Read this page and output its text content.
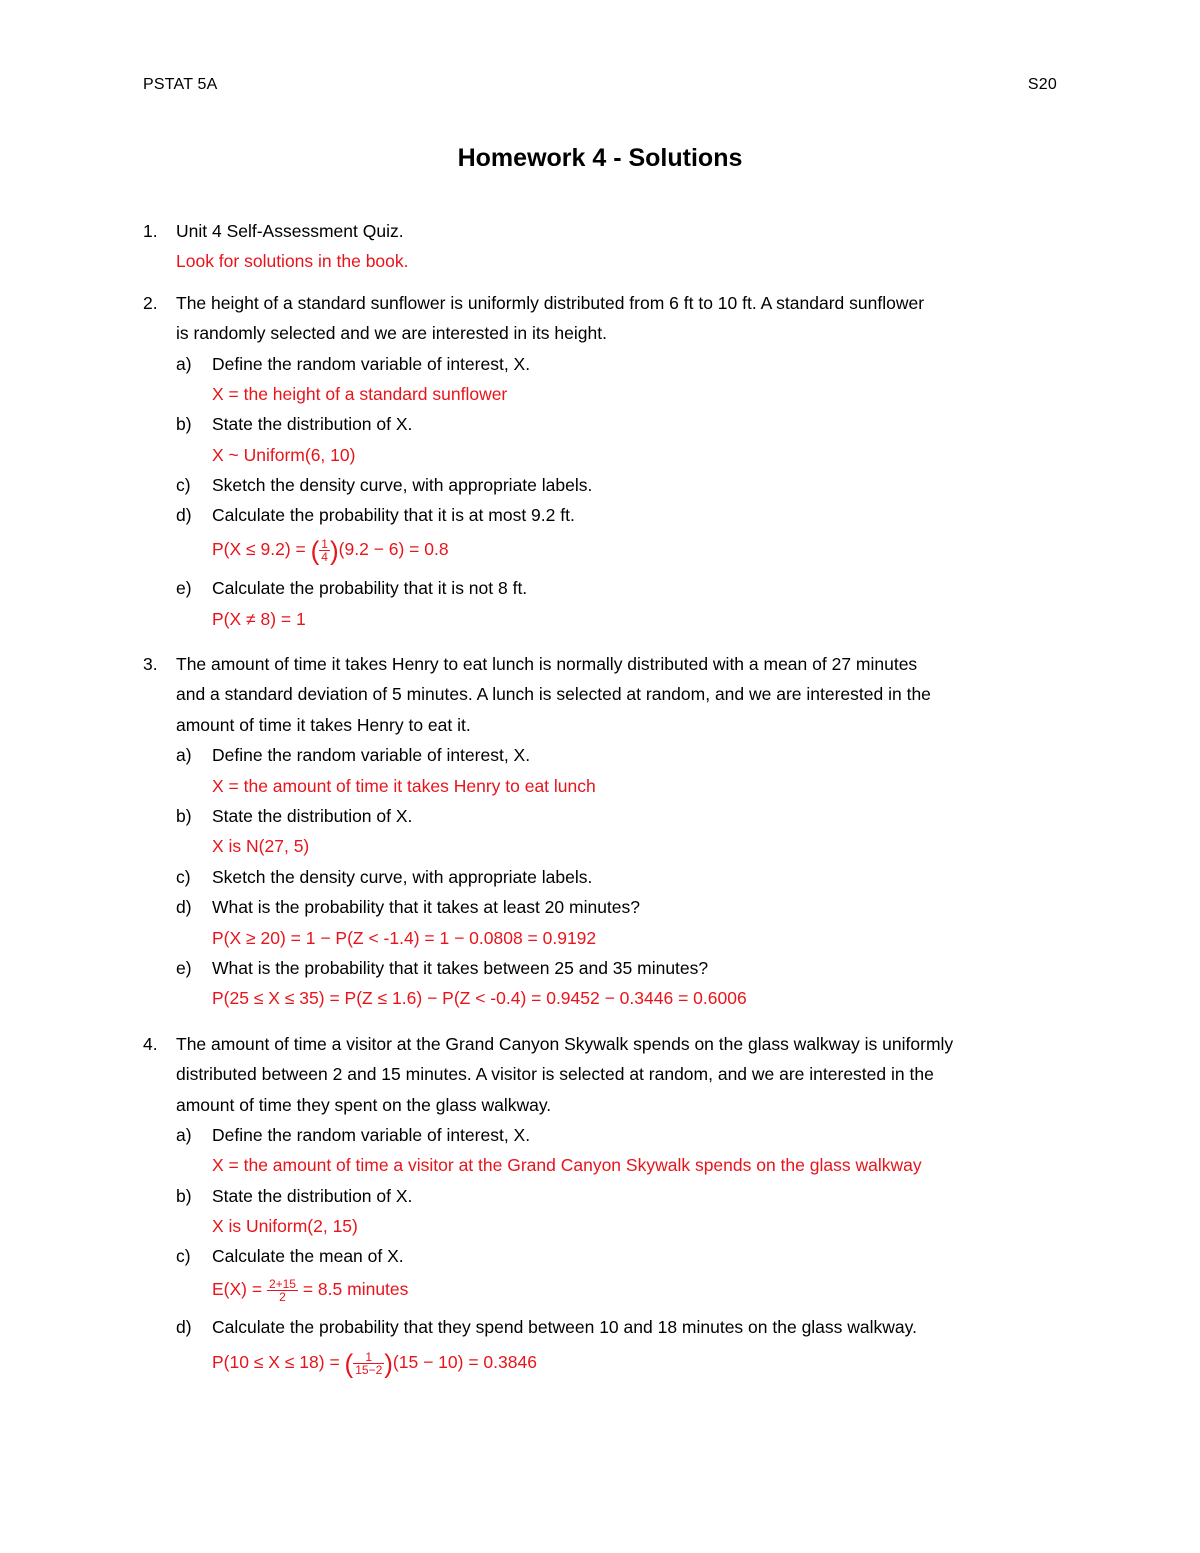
PSTAT 5A	S20
Homework 4 - Solutions
1. Unit 4 Self-Assessment Quiz.
Look for solutions in the book.
2. The height of a standard sunflower is uniformly distributed from 6 ft to 10 ft. A standard sunflower
is randomly selected and we are interested in its height.
a) Define the random variable of interest, X.
X = the height of a standard sunflower
b) State the distribution of X.
X ~ Uniform(6, 10)
c) Sketch the density curve, with appropriate labels.
d) Calculate the probability that it is at most 9.2 ft.
P(X ≤ 9.2) = ( $\frac{1}{4} )(9.2 - 6) = 0.8$
e) Calculate the probability that it is not 8 ft.
P(X ≠ 8) = 1
3. The amount of time it takes Henry to eat lunch is normally distributed with a mean of 27 minutes
and a standard deviation of 5 minutes. A lunch is selected at random, and we are interested in the
amount of time it takes Henry to eat it.
a) Define the random variable of interest, X.
X = the amount of time it takes Henry to eat lunch
b) State the distribution of X.
X is N(27, 5)
c) Sketch the density curve, with appropriate labels.
d) What is the probability that it takes at least 20 minutes?
P(X ≥ 20) = 1 − P(Z < -1.4) = 1 − 0.0808 = 0.9192
e) What is the probability that it takes between 25 and 35 minutes?
P(25 ≤ X ≤ 35) = P(Z ≤ 1.6) − P(Z < -0.4) = 0.9452 − 0.3446 = 0.6006
4. The amount of time a visitor at the Grand Canyon Skywalk spends on the glass walkway is uniformly
distributed between 2 and 15 minutes. A visitor is selected at random, and we are interested in the
amount of time they spent on the glass walkway.
a) Define the random variable of interest, X.
X = the amount of time a visitor at the Grand Canyon Skywalk spends on the glass walkway
b) State the distribution of X.
X is Uniform(2, 15)
c) Calculate the mean of X.
$E(X) = \frac{2+15}{2} = 8.5$ minutes
d) Calculate the probability that they spend between 10 and 18 minutes on the glass walkway.
P(10 ≤ X ≤ 18) = ( $\frac{1}{15-2} )(15 - 10) = 0.3846$
